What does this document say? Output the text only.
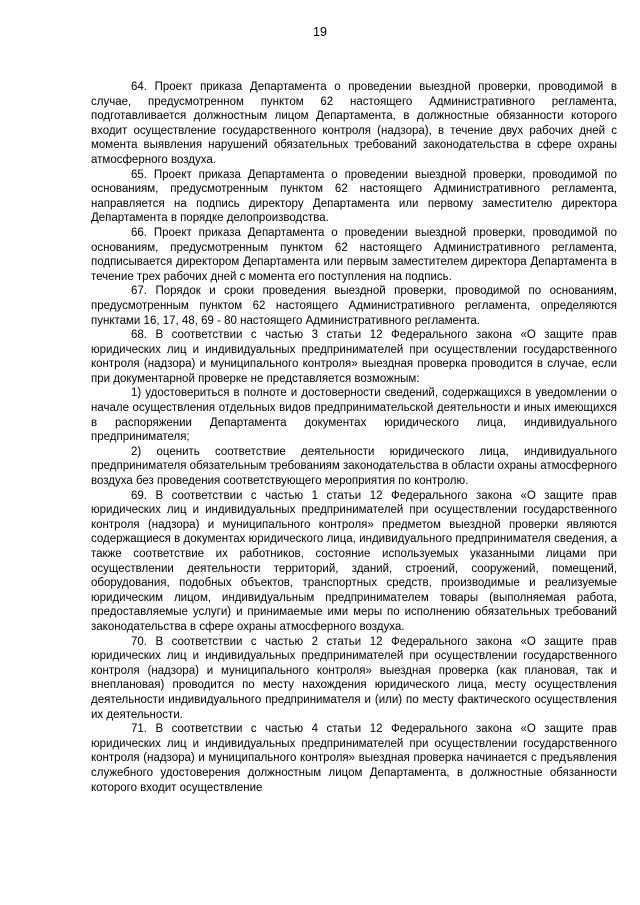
19

64. Проект приказа Департамента о проведении выездной проверки, проводимой в случае, предусмотренном пунктом 62 настоящего Административного регламента, подготавливается должностным лицом Департамента, в должностные обязанности которого входит осуществление государственного контроля (надзора), в течение двух рабочих дней с момента выявления нарушений обязательных требований законодательства в сфере охраны атмосферного воздуха.

65. Проект приказа Департамента о проведении выездной проверки, проводимой по основаниям, предусмотренным пунктом 62 настоящего Административного регламента, направляется на подпись директору Департамента или первому заместителю директора Департамента в порядке делопроизводства.

66. Проект приказа Департамента о проведении выездной проверки, проводимой по основаниям, предусмотренным пунктом 62 настоящего Административного регламента, подписывается директором Департамента или первым заместителем директора Департамента в течение трех рабочих дней с момента его поступления на подпись.

67. Порядок и сроки проведения выездной проверки, проводимой по основаниям, предусмотренным пунктом 62 настоящего Административного регламента, определяются пунктами 16, 17, 48, 69 - 80 настоящего Административного регламента.

68. В соответствии с частью 3 статьи 12 Федерального закона «О защите прав юридических лиц и индивидуальных предпринимателей при осуществлении государственного контроля (надзора) и муниципального контроля» выездная проверка проводится в случае, если при документарной проверке не представляется возможным:

1) удостовериться в полноте и достоверности сведений, содержащихся в уведомлении о начале осуществления отдельных видов предпринимательской деятельности и иных имеющихся в распоряжении Департамента документах юридического лица, индивидуального предпринимателя;

2) оценить соответствие деятельности юридического лица, индивидуального предпринимателя обязательным требованиям законодательства в области охраны атмосферного воздуха без проведения соответствующего мероприятия по контролю.

69. В соответствии с частью 1 статьи 12 Федерального закона «О защите прав юридических лиц и индивидуальных предпринимателей при осуществлении государственного контроля (надзора) и муниципального контроля» предметом выездной проверки являются содержащиеся в документах юридического лица, индивидуального предпринимателя сведения, а также соответствие их работников, состояние используемых указанными лицами при осуществлении деятельности территорий, зданий, строений, сооружений, помещений, оборудования, подобных объектов, транспортных средств, производимые и реализуемые юридическим лицом, индивидуальным предпринимателем товары (выполняемая работа, предоставляемые услуги) и принимаемые ими меры по исполнению обязательных требований законодательства в сфере охраны атмосферного воздуха.

70. В соответствии с частью 2 статьи 12 Федерального закона «О защите прав юридических лиц и индивидуальных предпринимателей при осуществлении государственного контроля (надзора) и муниципального контроля» выездная проверка (как плановая, так и внеплановая) проводится по месту нахождения юридического лица, месту осуществления деятельности индивидуального предпринимателя и (или) по месту фактического осуществления их деятельности.

71. В соответствии с частью 4 статьи 12 Федерального закона «О защите прав юридических лиц и индивидуальных предпринимателей при осуществлении государственного контроля (надзора) и муниципального контроля» выездная проверка начинается с предъявления служебного удостоверения должностным лицом Департамента, в должностные обязанности которого входит осуществление
